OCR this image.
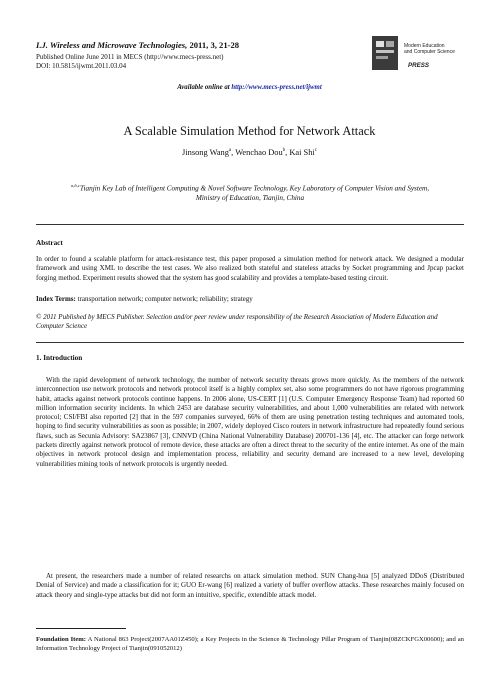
I.J. Wireless and Microwave Technologies, 2011, 3, 21-28
Published Online June 2011 in MECS (http://www.mecs-press.net)
DOI: 10.5815/ijwmt.2011.03.04
Modern Education
and Computer Science
PRESS
Available online at http://www.mecs-press.net/ijwmt
A Scalable Simulation Method for Network Attack
Jinsong Wang$^a$, Wenchao Dou$^b$, Kai Shi$^c$
$^{a,b,c}$Tianjin Key Lab of Intelligent Computing & Novel Software Technology, Key Laboratory of Computer Vision and System, Ministry of Education, Tianjin, China
Abstract
In order to found a scalable platform for attack-resistance test, this paper proposed a simulation method for network attack. We designed a modular framework and using XML to describe the test cases. We also realized both stateful and stateless attacks by Socket programming and Jpcap packet forging method. Experiment results showed that the system has good scalability and provides a template-based testing circuit.
Index Terms: transportation network; computer network; reliability; strategy
© 2011 Published by MECS Publisher. Selection and/or peer review under responsibility of the Research Association of Modern Education and Computer Science
1. Introduction
With the rapid development of network technology, the number of network security threats grows more quickly. As the members of the network interconnection use network protocols and network protocol itself is a highly complex set, also some programmers do not have rigorous programming habit, attacks against network protocols continue happens. In 2006 alone, US-CERT [1] (U.S. Computer Emergency Response Team) had reported 60 million information security incidents. In which 2453 are database security vulnerabilities, and about 1,000 vulnerabilities are related with network protocol; CSI/FBI also reported [2] that in the 597 companies surveyed, 66% of them are using penetration testing techniques and automated tools, hoping to find security vulnerabilities as soon as possible; in 2007, widely deployed Cisco routers in network infrastructure had repeatedly found serious flaws, such as Secunia Advisory: SA23867 [3], CNNVD (China National Vulnerability Database) 200701-136 [4], etc. The attacker can forge network packets directly against network protocol of remote device, these attacks are often a direct threat to the security of the entire internet. As one of the main objectives in network protocol design and implementation process, reliability and security demand are increased to a new level, developing vulnerabilities mining tools of network protocols is urgently needed.
At present, the researchers made a number of related researchs on attack simulation method. SUN Chang-hua [5] analyzed DDoS (Distributed Denial of Service) and made a classification for it; GUO Er-wang [6] realized a variety of buffer overflow attacks. These researches mainly focused on attack theory and single-type attacks but did not form an intuitive, specific, extendible attack model.
Foundation Item: A National 863 Project(2007AA01Z450); a Key Projects in the Science & Technology Pillar Program of Tianjin(08ZCKFGX00600); and an Information Technology Project of Tianjin(091052012)
